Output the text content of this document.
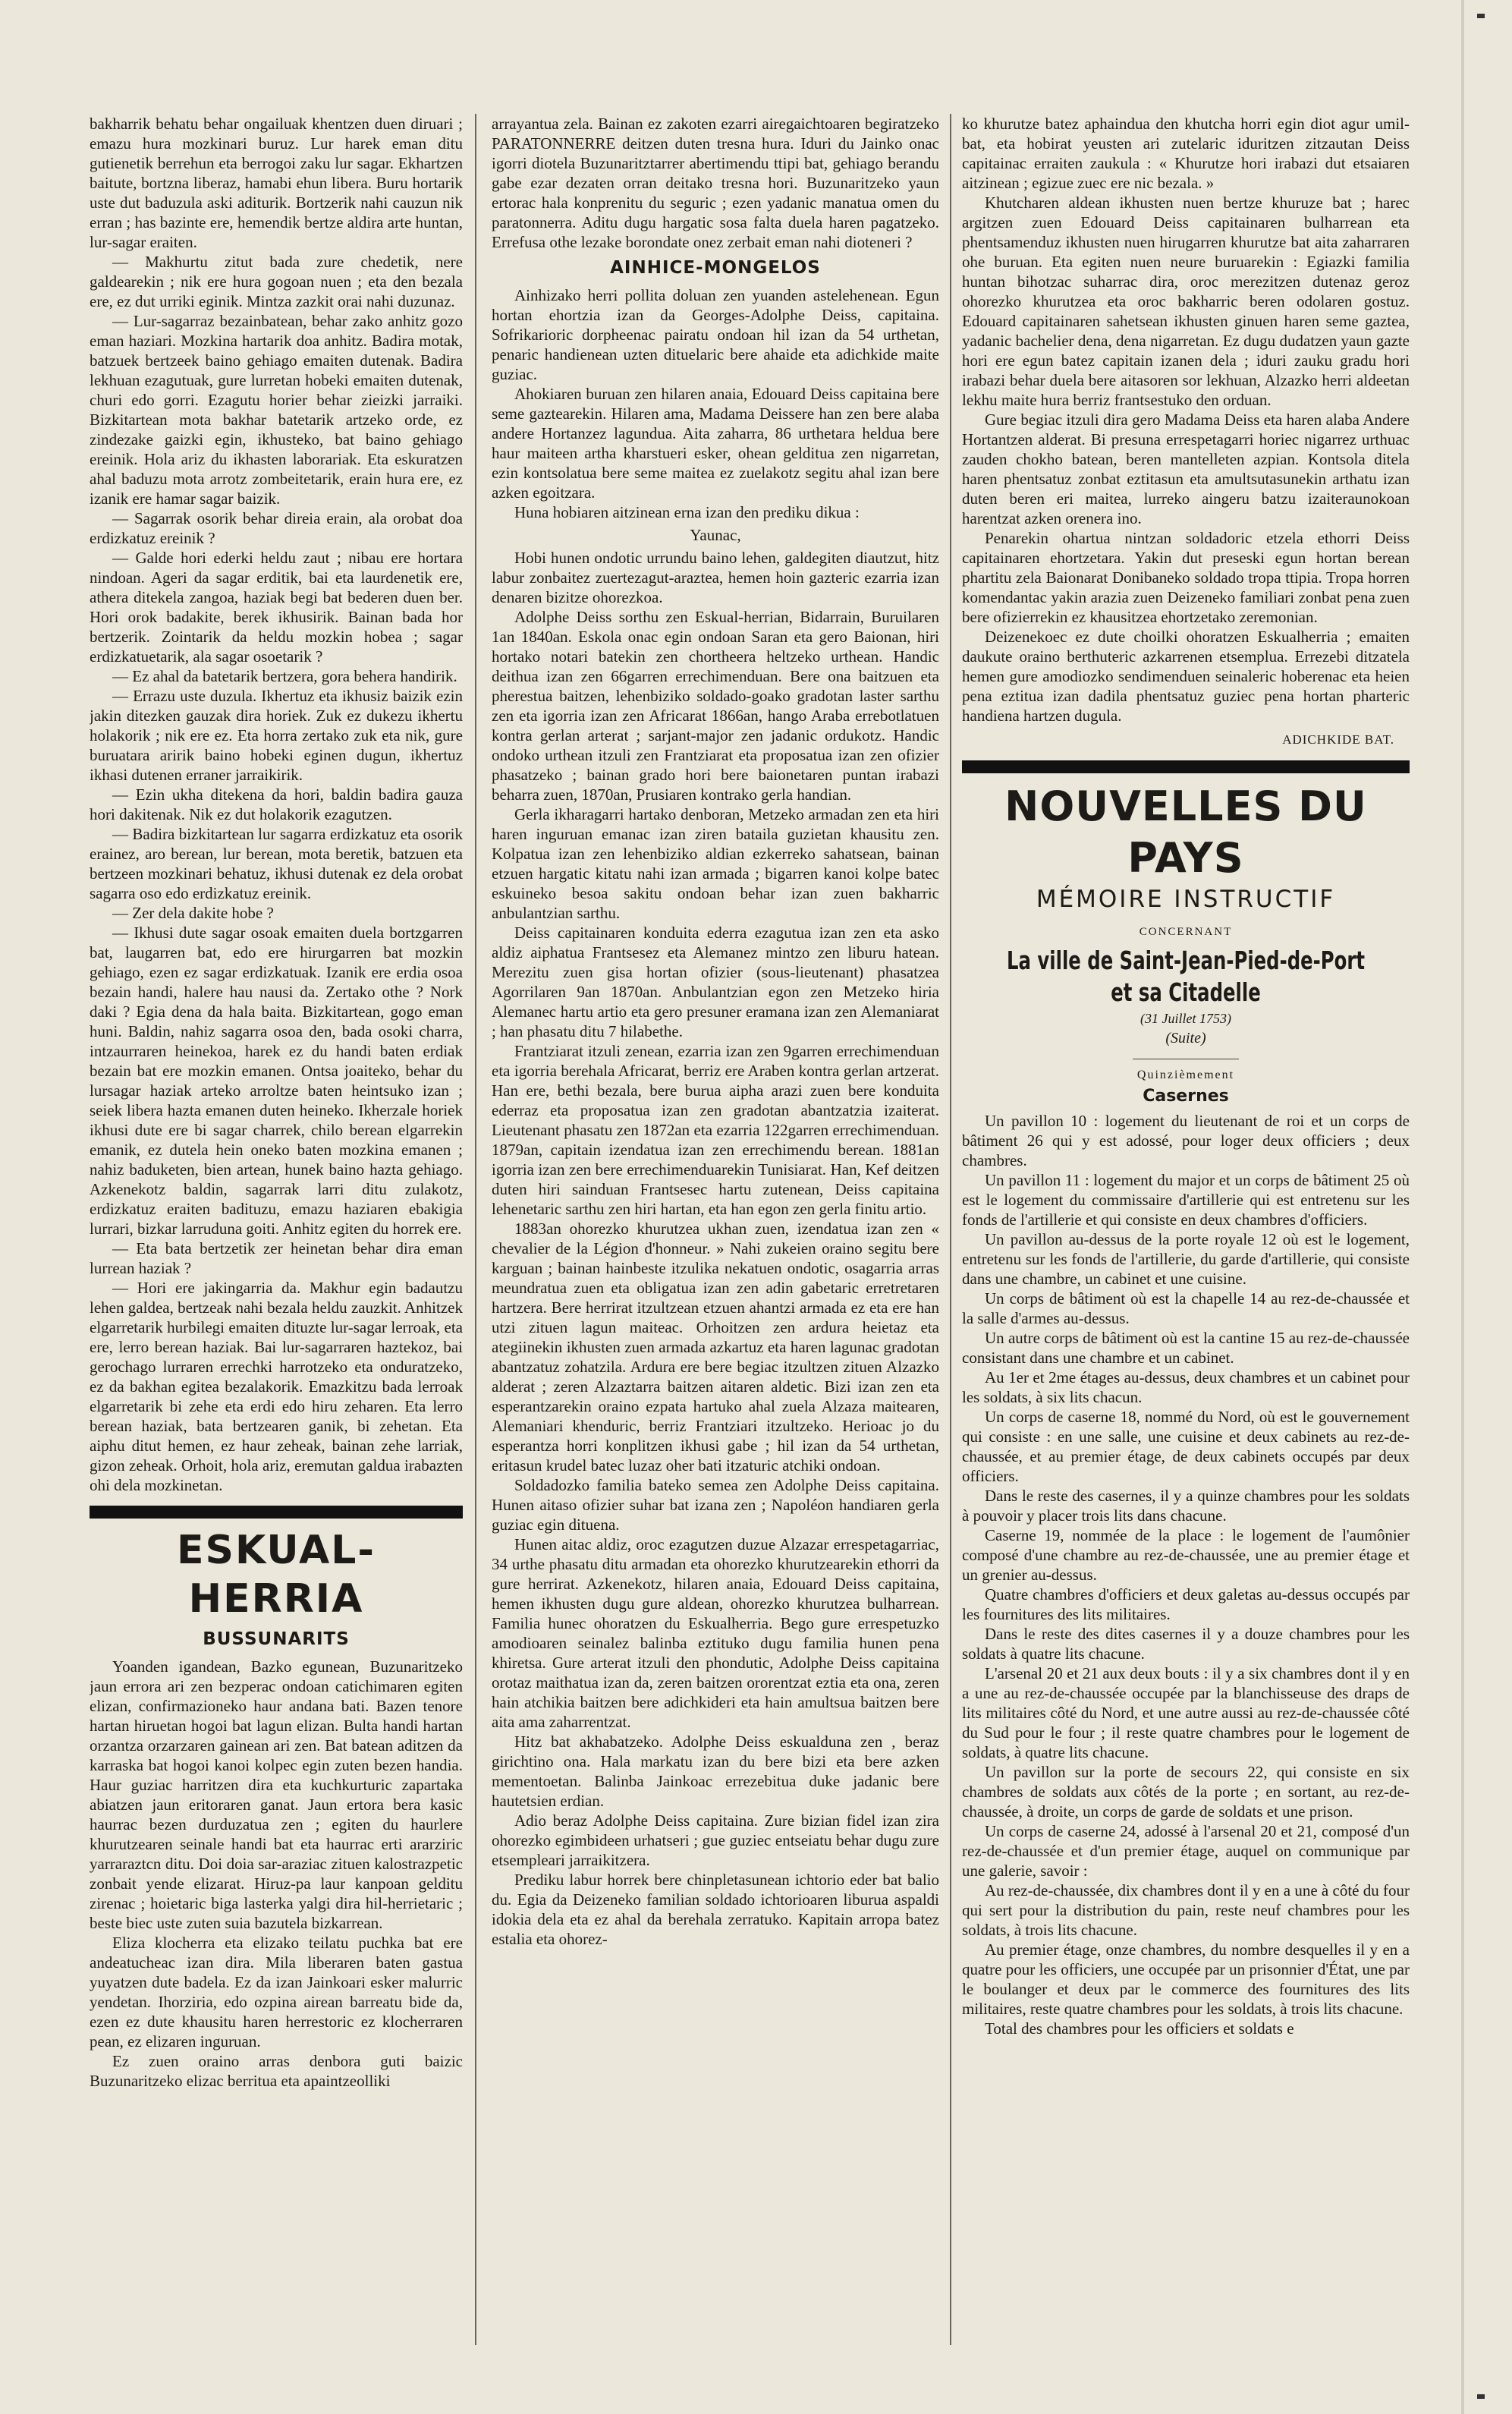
bakharrik behatu behar ongailuak khentzen duen diruari ; emazu hura mozkinari buruz. Lur harek eman ditu gutienetik berrehun eta berrogoi zaku lur sagar. Ekhartzen baitute, bortzna liberaz, hamabi ehun libera. Buru hortarik uste dut baduzula aski aditurik. Bortzerik nahi cauzun nik erran ; has bazinte ere, hemendik bertze aldira arte huntan, lur-sagar eraiten.

— Makhurtu zitut bada zure chedetik, nere galdearekin ; nik ere hura gogoan nuen ; eta den bezala ere, ez dut urriki eginik. Mintza zazkit orai nahi duzunaz.

— Lur-sagarraz bezainbatean, behar zako anhitz gozo eman haziari. Mozkina hartarik doa anhitz. Badira motak, batzuek bertzeek baino gehiago emaiten dutenak. Badira lekhuan ezagutuak, gure lurretan hobeki emaiten dutenak, churi edo gorri. Ezagutu horier behar zieizki jarraiki. Bizkitartean mota bakhar batetarik artzeko orde, ez zindezake gaizki egin, ikhusteko, bat baino gehiago ereinik. Hola ariz du ikhasten laborariak. Eta eskuratzen ahal baduzu mota arrotz zombeitetarik, erain hura ere, ez izanik ere hamar sagar baizik.

— Sagarrak osorik behar direia erain, ala orobat doa erdizkatuz ereinik ?

— Galde hori ederki heldu zaut ; nibau ere hortara nindoan. Ageri da sagar erditik, bai eta laurdenetik ere, athera ditekela zangoa, haziak begi bat bederen duen ber. Hori orok badakite, berek ikhusirik. Bainan bada hor bertzerik. Zointarik da heldu mozkin hobea ; sagar erdizkatuetarik, ala sagar osoetarik ?

— Ez ahal da batetarik bertzera, gora behera handirik.

— Errazu uste duzula. Ikhertuz eta ikhusiz baizik ezin jakin ditezken gauzak dira horiek. Zuk ez dukezu ikhertu holakorik ; nik ere ez. Eta horra zertako zuk eta nik, gure buruatara aririk baino hobeki eginen dugun, ikhertuz ikhasi dutenen erraner jarraikirik.

— Ezin ukha ditekena da hori, baldin badira gauza hori dakitenak. Nik ez dut holakorik ezagutzen.

— Badira bizkitartean lur sagarra erdizkatuz eta osorik erainez, aro berean, lur berean, mota beretik, batzuen eta bertzeen mozkinari behatuz, ikhusi dutenak ez dela orobat sagarra oso edo erdizkatuz ereinik.

— Zer dela dakite hobe ?

— Ikhusi dute sagar osoak emaiten duela bortzgarren bat, laugarren bat, edo ere hirurgarren bat mozkin gehiago, ezen ez sagar erdizkatuak. Izanik ere erdia osoa bezain handi, halere hau nausi da. Zertako othe ? Nork daki ? Egia dena da hala baita. Bizkitartean, gogo eman huni. Baldin, nahiz sagarra osoa den, bada osoki charra, intzaurraren heinekoa, harek ez du handi baten erdiak bezain bat ere mozkin emanen. Ontsa joaiteko, behar du lursagar haziak arteko arroltze baten heintsuko izan ; seiek libera hazta emanen duten heineko. Ikherzale horiek ikhusi dute ere bi sagar charrek, chilo berean elgarrekin emanik, ez dutela hein oneko baten mozkina emanen ; nahiz baduketen, bien artean, hunek baino hazta gehiago. Azkenekotz baldin, sagarrak larri ditu zulakotz, erdizkatuz eraiten badituzu, emazu haziaren ebakigia lurrari, bizkar larruduna goiti. Anhitz egiten du horrek ere.

— Eta bata bertzetik zer heinetan behar dira eman lurrean haziak ?

— Hori ere jakingarria da. Makhur egin badautzu lehen galdea, bertzeak nahi bezala heldu zauzkit. Anhitzek elgarretarik hurbilegi emaiten dituzte lur-sagar lerroak, eta ere, lerro berean haziak. Bai lur-sagarraren haztekoz, bai gerochago lurraren errechki harrotzeko eta onduratzeko, ez da bakhan egitea bezalakorik. Emazkitzu bada lerroak elgarretarik bi zehe eta erdi edo hiru zeharen. Eta lerro berean haziak, bata bertzearen ganik, bi zehetan. Eta aiphu ditut hemen, ez haur zeheak, bainan zehe larriak, gizon zeheak. Orhoit, hola ariz, eremutan galdua irabazten ohi dela mozkinetan.

ESKUAL-HERRIA
BUSSUNARITS

Yoanden igandean, Bazko egunean, Buzunaritzeko jaun errora ari zen bezperac ondoan catichimaren egiten elizan, confirmazioneko haur andana bati. Bazen tenore hartan hiruetan hogoi bat lagun elizan. Bulta handi hartan orzantza orzarzaren gainean ari zen. Bat batean aditzen da karraska bat hogoi kanoi kolpec egin zuten bezen handia. Haur guziac harritzen dira eta kuchkurturic zapartaka abiatzen jaun eritoraren ganat. Jaun ertora bera kasic haurrac bezen durduzatua zen ; egiten du haurlere khurutzearen seinale handi bat eta haurrac erti ararziric yarraraztcn ditu. Doi doia sar-araziac zituen kalostrazpetic zonbait yende elizarat. Hiruz-pa laur kanpoan gelditu zirenac ; hoietaric biga lasterka yalgi dira hil-herrietaric ; beste biec uste zuten suia bazutela bizkarrean.

Eliza klocherra eta elizako teilatu puchka bat ere andeatucheac izan dira. Mila liberaren baten gastua yuyatzen dute badela. Ez da izan Jainkoari esker malurric yendetan. Ihorziria, edo ozpina airean barreatu bide da, ezen ez dute khausitu haren herrestoric ez klocherraren pean, ez elizaren inguruan.

Ez zuen oraino arras denbora guti baizic Buzunaritzeko elizac berritua eta apaintzeolliki

arrayantua zela. Bainan ez zakoten ezarri airegaichtoaren begiratzeko PARATONNERRE deitzen duten tresna hura. Iduri du Jainko onac igorri diotela Buzunaritztarrer abertimendu ttipi bat, gehiago berandu gabe ezar dezaten orran deitako tresna hori. Buzunaritzeko yaun ertorac hala konprenitu du seguric ; ezen yadanic manatua omen du paratonnerra. Aditu dugu hargatic sosa falta duela haren pagatzeko. Errefusa othe lezake borondate onez zerbait eman nahi dioteneri ?

AINHICE-MONGELOS

Ainhizako herri pollita doluan zen yuanden astelehenean. Egun hortan ehortzia izan da Georges-Adolphe Deiss, capitaina. Sofrikarioric dorpheenac pairatu ondoan hil izan da 54 urthetan, penaric handienean uzten dituelaric bere ahaide eta adichkide maite guziac.

Ahokiaren buruan zen hilaren anaia, Edouard Deiss capitaina bere seme gaztearekin. Hilaren ama, Madama Deissere han zen bere alaba andere Hortanzez lagundua. Aita zaharra, 86 urthetara heldua bere haur maiteen artha kharstueri esker, ohean gelditua zen nigarretan, ezin kontsolatua bere seme maitea ez zuelakotz segitu ahal izan bere azken egoitzara.

Huna hobiaren aitzinean erna izan den prediku dikua :

Yaunac,

Hobi hunen ondotic urrundu baino lehen, galdegiten diautzut, hitz labur zonbaitez zuertezagut-araztea, hemen hoin gazteric ezarria izan denaren bizitze ohorezkoa.

Adolphe Deiss sorthu zen Eskual-herrian, Bidarrain, Buruilaren 1an 1840an. Eskola onac egin ondoan Saran eta gero Baionan, hiri hortako notari batekin zen chortheera heltzeko urthean. Handic deithua izan zen 66garren errechimenduan. Bere ona baitzuen eta pherestua baitzen, lehenbiziko soldado-goako gradotan laster sarthu zen eta igorria izan zen Africarat 1866an, hango Araba errebotlatuen kontra gerlan arterat ; sarjant-major zen jadanic ordukotz. Handic ondoko urthean itzuli zen Frantziarat eta proposatua izan zen ofizier phasatzeko ; bainan grado hori bere baionetaren puntan irabazi beharra zuen, 1870an, Prusiaren kontrako gerla handian.

Gerla ikharagarri hartako denboran, Metzeko armadan zen eta hiri haren inguruan emanac izan ziren bataila guzietan khausitu zen. Kolpatua izan zen lehenbiziko aldian ezkerreko sahatsean, bainan etzuen hargatic kitatu nahi izan armada ; bigarren kanoi kolpe batec eskuineko besoa sakitu ondoan behar izan zuen bakharric anbulantzian sarthu.

Deiss capitainaren konduita ederra ezagutua izan zen eta asko aldiz aiphatua Frantsesez eta Alemanez mintzo zen liburu hatean. Merezitu zuen gisa hortan ofizier (sous-lieutenant) phasatzea Agorrilaren 9an 1870an. Anbulantzian egon zen Metzeko hiria Alemanec hartu artio eta gero presuner eramana izan zen Alemaniarat ; han phasatu ditu 7 hilabethe.

Frantziarat itzuli zenean, ezarria izan zen 9garren errechimenduan eta igorria berehala Africarat, berriz ere Araben kontra gerlan artzerat. Han ere, bethi bezala, bere burua aipha arazi zuen bere konduita ederraz eta proposatua izan zen gradotan abantzatzia izaiterat. Lieutenant phasatu zen 1872an eta ezarria 122garren errechimenduan. 1879an, capitain izendatua izan zen errechimendu berean. 1881an igorria izan zen bere errechimenduarekin Tunisiarat. Han, Kef deitzen duten hiri sainduan Frantsesec hartu zutenean, Deiss capitaina lehenetaric sarthu zen hiri hartan, eta han egon zen gerla finitu artio.

1883an ohorezko khurutzea ukhan zuen, izendatua izan zen « chevalier de la Légion d'honneur. » Nahi zukeien oraino segitu bere karguan ; bainan hainbeste itzulika nekatuen ondotic, osagarria arras meundratua zuen eta obligatua izan zen adin gabetaric erretretaren hartzera. Bere herrirat itzultzean etzuen ahantzi armada ez eta ere han utzi zituen lagun maiteac. Orhoitzen zen ardura heietaz eta ategiinekin ikhusten zuen armada azkartuz eta haren lagunac gradotan abantzatuz zohatzila. Ardura ere bere begiac itzultzen zituen Alzazko alderat ; zeren Alzaztarra baitzen aitaren aldetic. Bizi izan zen eta esperantzarekin oraino ezpata hartuko ahal zuela Alzaza maitearen, Alemaniari khenduric, berriz Frantziari itzultzeko. Herioac jo du esperantza horri konplitzen ikhusi gabe ; hil izan da 54 urthetan, eritasun krudel batec luzaz oher bati itzaturic atchiki ondoan.

Soldadozko familia bateko semea zen Adolphe Deiss capitaina. Hunen aitaso ofizier suhar bat izana zen ; Napoléon handiaren gerla guziac egin dituena.

Hunen aitac aldiz, oroc ezagutzen duzue Alzazar errespetagarriac, 34 urthe phasatu ditu armadan eta ohorezko khurutzearekin ethorri da gure herrirat. Azkenekotz, hilaren anaia, Edouard Deiss capitaina, hemen ikhusten dugu gure aldean, ohorezko khurutzea bulharrean. Familia hunec ohoratzen du Eskualherria. Bego gure errespetuzko amodioaren seinalez balinba eztituko dugu familia hunen pena khiretsa. Gure arterat itzuli den phondutic, Adolphe Deiss capitaina orotaz maithatua izan da, zeren baitzen ororentzat eztia eta ona, zeren hain atchikia baitzen bere adichkideri eta hain amultsua baitzen bere aita ama zaharrentzat.

Hitz bat akhabatzeko. Adolphe Deiss eskualduna zen , beraz girichtino ona. Hala markatu izan du bere bizi eta bere azken mementoetan. Balinba Jainkoac errezebitua duke jadanic bere hautetsien erdian.

Adio beraz Adolphe Deiss capitaina. Zure bizian fidel izan zira ohorezko egimbideen urhatseri ; gue guziec entseiatu behar dugu zure etsempleari jarraikitzera.

Prediku labur horrek bere chinpletasunean ichtorio eder bat balio du. Egia da Deizeneko familian soldado ichtorioaren liburua aspaldi idokia dela eta ez ahal da berehala zerratuko. Kapitain arropa batez estalia eta ohorez-

ko khurutze batez aphaindua den khutcha horri egin diot agur umil-bat, eta hobirat yeusten ari zutelaric iduritzen zitzautan Deiss capitainac erraiten zaukula : « Khurutze hori irabazi dut etsaiaren aitzinean ; egizue zuec ere nic bezala. »

Khutcharen aldean ikhusten nuen bertze khuruze bat ; harec argitzen zuen Edouard Deiss capitainaren bulharrean eta phentsamenduz ikhusten nuen hirugarren khurutze bat aita zaharraren ohe buruan. Eta egiten nuen neure buruarekin : Egiazki familia huntan bihotzac suharrac dira, oroc merezitzen dutenaz geroz ohorezko khurutzea eta oroc bakharric beren odolaren gostuz. Edouard capitainaren sahetsean ikhusten ginuen haren seme gaztea, yadanic bachelier dena, dena nigarretan. Ez dugu dudatzen yaun gazte hori ere egun batez capitain izanen dela ; iduri zauku gradu hori irabazi behar duela bere aitasoren sor lekhuan, Alzazko herri aldeetan lekhu maite hura berriz frantsestuko den orduan.

Gure begiac itzuli dira gero Madama Deiss eta haren alaba Andere Hortantzen alderat. Bi presuna errespetagarri horiec nigarrez urthuac zauden chokho batean, beren mantelleten azpian. Kontsola ditela haren phentsatuz zonbat eztitasun eta amultsutasunekin arthatu izan duten beren eri maitea, lurreko aingeru batzu izaiteraunokoan harentzat azken orenera ino.

Penarekin ohartua nintzan soldadoric etzela ethorri Deiss capitainaren ehortzetara. Yakin dut preseski egun hortan berean phartitu zela Baionarat Donibaneko soldado tropa ttipia. Tropa horren komendantac yakin arazia zuen Deizeneko familiari zonbat pena zuen bere ofizierrekin ez khausitzea ehortzetako zeremonian.

Deizenekoec ez dute choilki ohoratzen Eskualherria ; emaiten daukute oraino berthuteric azkarrenen etsemplua. Errezebi ditzatela hemen gure amodiozko sendimenduen seinaleric hoberenac eta heien pena eztitua izan dadila phentsatuz guziec pena hortan pharteric handiena hartzen dugula.

ADICHKIDE BAT.
NOUVELLES DU PAYS
MÉMOIRE INSTRUCTIF
CONCERNANT
La ville de Saint-Jean-Pied-de-Port et sa Citadelle
(31 Juillet 1753)
(Suite)
Quinzièmement
Casernes

Un pavillon 10 : logement du lieutenant de roi et un corps de bâtiment 26 qui y est adossé, pour loger deux officiers ; deux chambres.

Un pavillon 11 : logement du major et un corps de bâtiment 25 où est le logement du commissaire d'artillerie qui est entretenu sur les fonds de l'artillerie et qui consiste en deux chambres d'officiers.

Un pavillon au-dessus de la porte royale 12 où est le logement, entretenu sur les fonds de l'artillerie, du garde d'artillerie, qui consiste dans une chambre, un cabinet et une cuisine.

Un corps de bâtiment où est la chapelle 14 au rez-de-chaussée et la salle d'armes au-dessus.

Un autre corps de bâtiment où est la cantine 15 au rez-de-chaussée consistant dans une chambre et un cabinet.

Au 1er et 2me étages au-dessus, deux chambres et un cabinet pour les soldats, à six lits chacun.

Un corps de caserne 18, nommé du Nord, où est le gouvernement qui consiste : en une salle, une cuisine et deux cabinets au rez-de-chaussée, et au premier étage, de deux cabinets occupés par deux officiers.

Dans le reste des casernes, il y a quinze chambres pour les soldats à pouvoir y placer trois lits dans chacune.

Caserne 19, nommée de la place : le logement de l'aumônier composé d'une chambre au rez-de-chaussée, une au premier étage et un grenier au-dessus.

Quatre chambres d'officiers et deux galetas au-dessus occupés par les fournitures des lits militaires.

Dans le reste des dites casernes il y a douze chambres pour les soldats à quatre lits chacune.

L'arsenal 20 et 21 aux deux bouts : il y a six chambres dont il y en a une au rez-de-chaussée occupée par la blanchisseuse des draps de lits militaires côté du Nord, et une autre aussi au rez-de-chaussée côté du Sud pour le four ; il reste quatre chambres pour le logement de soldats, à quatre lits chacune.

Un pavillon sur la porte de secours 22, qui consiste en six chambres de soldats aux côtés de la porte ; en sortant, au rez-de-chaussée, à droite, un corps de garde de soldats et une prison.

Un corps de caserne 24, adossé à l'arsenal 20 et 21, composé d'un rez-de-chaussée et d'un premier étage, auquel on communique par une galerie, savoir :

Au rez-de-chaussée, dix chambres dont il y en a une à côté du four qui sert pour la distribution du pain, reste neuf chambres pour les soldats, à trois lits chacune.

Au premier étage, onze chambres, du nombre desquelles il y en a quatre pour les officiers, une occupée par un prisonnier d'État, une par le boulanger et deux par le commerce des fournitures des lits militaires, reste quatre chambres pour les soldats, à trois lits chacune.

Total des chambres pour les officiers et soldats e
